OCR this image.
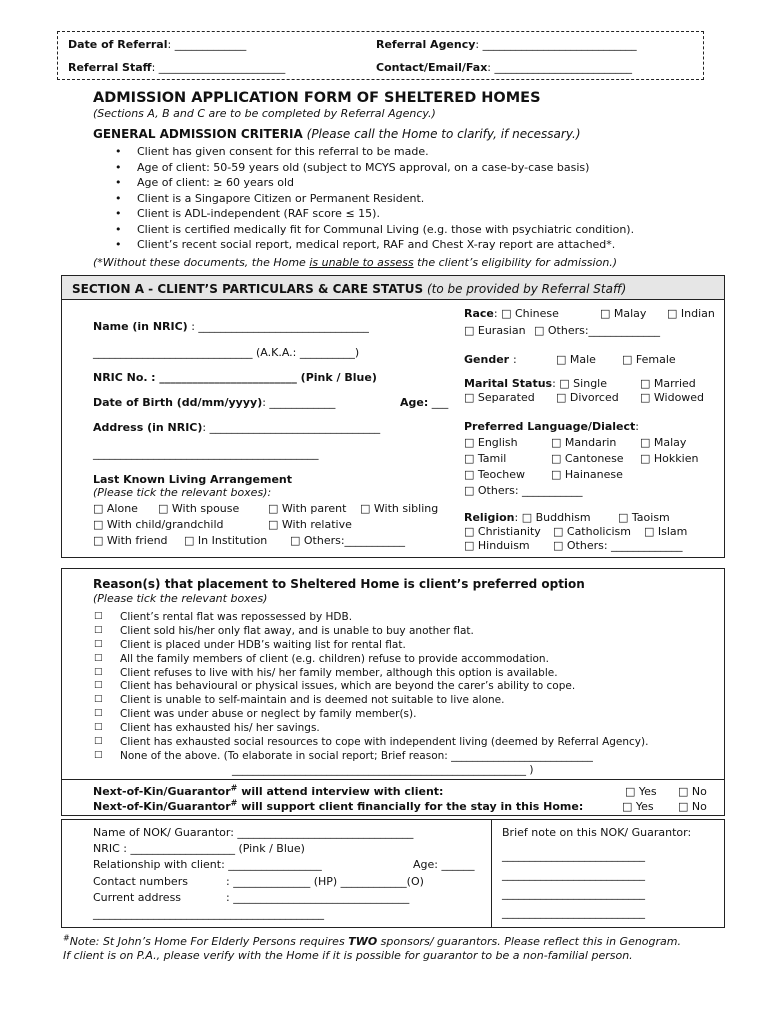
Date of Referral: _____________	Referral Agency: ____________________________
Referral Staff: _______________________	Contact/Email/Fax: _________________________
ADMISSION APPLICATION FORM OF SHELTERED HOMES
(Sections A, B and C are to be completed by Referral Agency.)
GENERAL ADMISSION CRITERIA (Please call the Home to clarify, if necessary.)
• Client has given consent for this referral to be made.
• Age of client: 50-59 years old (subject to MCYS approval, on a case-by-case basis)
• Age of client: ≥ 60 years old
• Client is a Singapore Citizen or Permanent Resident.
• Client is ADL-independent (RAF score ≤ 15).
• Client is certified medically fit for Communal Living (e.g. those with psychiatric condition).
• Client’s recent social report, medical report, RAF and Chest X-ray report are attached*.
(*Without these documents, the Home is unable to assess the client’s eligibility for admission.)
SECTION A - CLIENT’S PARTICULARS & CARE STATUS (to be provided by Referral Staff)
Name (in NRIC) : _______________________________
_____________________________ (A.K.A.: __________)
NRIC No. : _________________________ (Pink / Blue)
Date of Birth (dd/mm/yyyy): ____________	Age: ___
Address (in NRIC): _______________________________
_________________________________________
Last Known Living Arrangement
(Please tick the relevant boxes):
□ Alone □ With spouse	□ With parent □ With sibling
□ With child/grandchild	□ With relative
□ With friend □ In Institution □ Others:___________
Race: □ Chinese	□ Malay □ Indian
□ Eurasian □ Others:_____________
Gender :	□ Male □ Female
Marital Status: □ Single	□ Married
□ Separated □ Divorced □ Widowed
Preferred Language/Dialect:
□ English	□ Mandarin □ Malay
□ Tamil	□ Cantonese □ Hokkien
□ Teochew □ Hainanese
□ Others: ___________
Religion: □ Buddhism □ Taoism
□ Christianity □ Catholicism □ Islam
□ Hinduism □ Others: _____________
Reason(s) that placement to Sheltered Home is client’s preferred option
(Please tick the relevant boxes)
□ Client’s rental flat was repossessed by HDB.
□ Client sold his/her only flat away, and is unable to buy another flat.
□ Client is placed under HDB’s waiting list for rental flat.
□ All the family members of client (e.g. children) refuse to provide accommodation.
□ Client refuses to live with his/ her family member, although this option is available.
□ Client has behavioural or physical issues, which are beyond the carer’s ability to cope.
□ Client is unable to self-maintain and is deemed not suitable to live alone.
□ Client was under abuse or neglect by family member(s).
□ Client has exhausted his/ her savings.
□ Client has exhausted social resources to cope with independent living (deemed by Referral Agency).
□ None of the above. (To elaborate in social report; Brief reason: ___________________________
________________________________________________________ )
Next-of-Kin/Guarantor# will attend interview with client:	□ Yes □ No
Next-of-Kin/Guarantor# will support client financially for the stay in this Home:	□ Yes □ No
Name of NOK/ Guarantor: ________________________________
NRIC : ___________________ (Pink / Blue)
Relationship with client: _________________	Age: ______
Contact numbers	: ______________ (HP) ____________(O)
Current address	: ________________________________
__________________________________________
Brief note on this NOK/ Guarantor:
__________________________
__________________________
__________________________
__________________________
#Note: St John’s Home For Elderly Persons requires TWO sponsors/ guarantors. Please reflect this in Genogram.
If client is on P.A., please verify with the Home if it is possible for guarantor to be a non-familial person.
